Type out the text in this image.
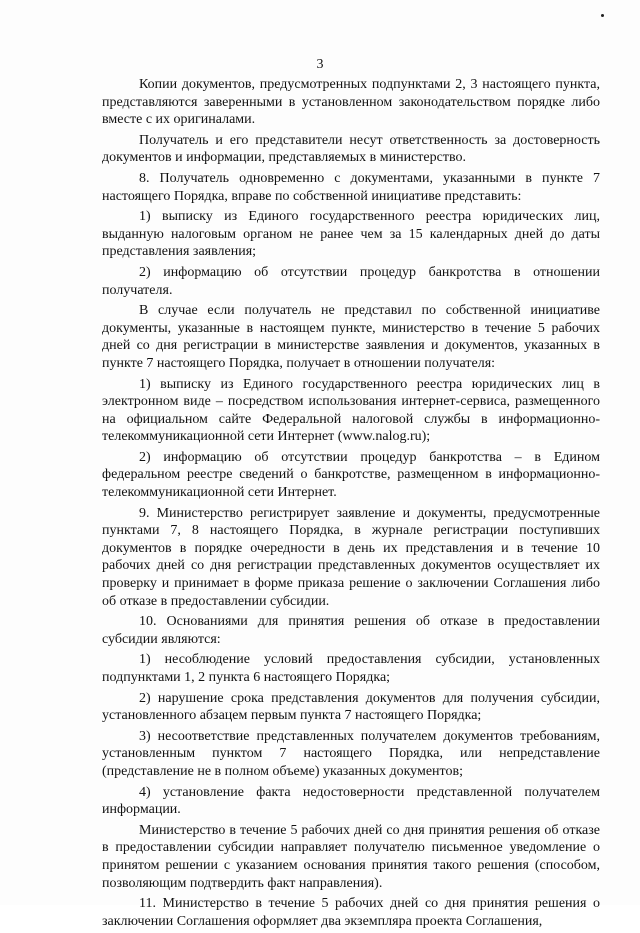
3

Копии документов, предусмотренных подпунктами 2, 3 настоящего пункта, представляются заверенными в установленном законодательством порядке либо вместе с их оригиналами.

Получатель и его представители несут ответственность за достоверность документов и информации, представляемых в министерство.

8. Получатель одновременно с документами, указанными в пункте 7 настоящего Порядка, вправе по собственной инициативе представить:

1) выписку из Единого государственного реестра юридических лиц, выданную налоговым органом не ранее чем за 15 календарных дней до даты представления заявления;

2) информацию об отсутствии процедур банкротства в отношении получателя.

В случае если получатель не представил по собственной инициативе документы, указанные в настоящем пункте, министерство в течение 5 рабочих дней со дня регистрации в министерстве заявления и документов, указанных в пункте 7 настоящего Порядка, получает в отношении получателя:

1) выписку из Единого государственного реестра юридических лиц в электронном виде – посредством использования интернет-сервиса, размещенного на официальном сайте Федеральной налоговой службы в информационно-телекоммуникационной сети Интернет (www.nalog.ru);

2) информацию об отсутствии процедур банкротства – в Едином федеральном реестре сведений о банкротстве, размещенном в информационно-телекоммуникационной сети Интернет.

9. Министерство регистрирует заявление и документы, предусмотренные пунктами 7, 8 настоящего Порядка, в журнале регистрации поступивших документов в порядке очередности в день их представления и в течение 10 рабочих дней со дня регистрации представленных документов осуществляет их проверку и принимает в форме приказа решение о заключении Соглашения либо об отказе в предоставлении субсидии.

10. Основаниями для принятия решения об отказе в предоставлении субсидии являются:

1) несоблюдение условий предоставления субсидии, установленных подпунктами 1, 2 пункта 6 настоящего Порядка;

2) нарушение срока представления документов для получения субсидии, установленного абзацем первым пункта 7 настоящего Порядка;

3) несоответствие представленных получателем документов требованиям, установленным пунктом 7 настоящего Порядка, или непредставление (представление не в полном объеме) указанных документов;

4) установление факта недостоверности представленной получателем информации.

Министерство в течение 5 рабочих дней со дня принятия решения об отказе в предоставлении субсидии направляет получателю письменное уведомление о принятом решении с указанием основания принятия такого решения (способом, позволяющим подтвердить факт направления).

11. Министерство в течение 5 рабочих дней со дня принятия решения о заключении Соглашения оформляет два экземпляра проекта Соглашения,
